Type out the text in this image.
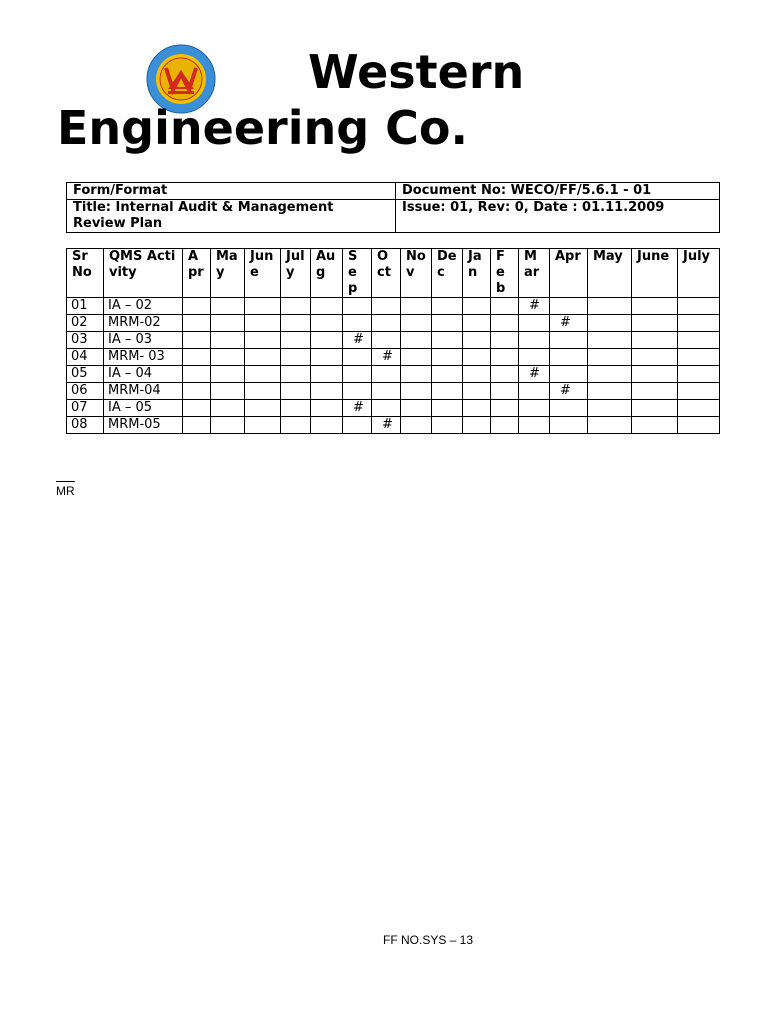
Western
Engineering Co.
Form/Format	Document No: WECO/FF/5.6.1 - 01
Title: Internal Audit & Management Review Plan	Issue: 01, Rev: 0, Date : 01.11.2009
Sr No	QMS Activity	Apr	May	June	July	Aug	Sep	Oct	Nov	Dec	Jan	Feb	Mar	Apr	May	June	July
01	IA – 02												#				
02	MRM-02													#			
03	IA – 03						#										
04	MRM- 03							#									
05	IA – 04												#				
06	MRM-04													#			
07	IA – 05						#										
08	MRM-05							#									
MR
FF NO.SYS – 13
